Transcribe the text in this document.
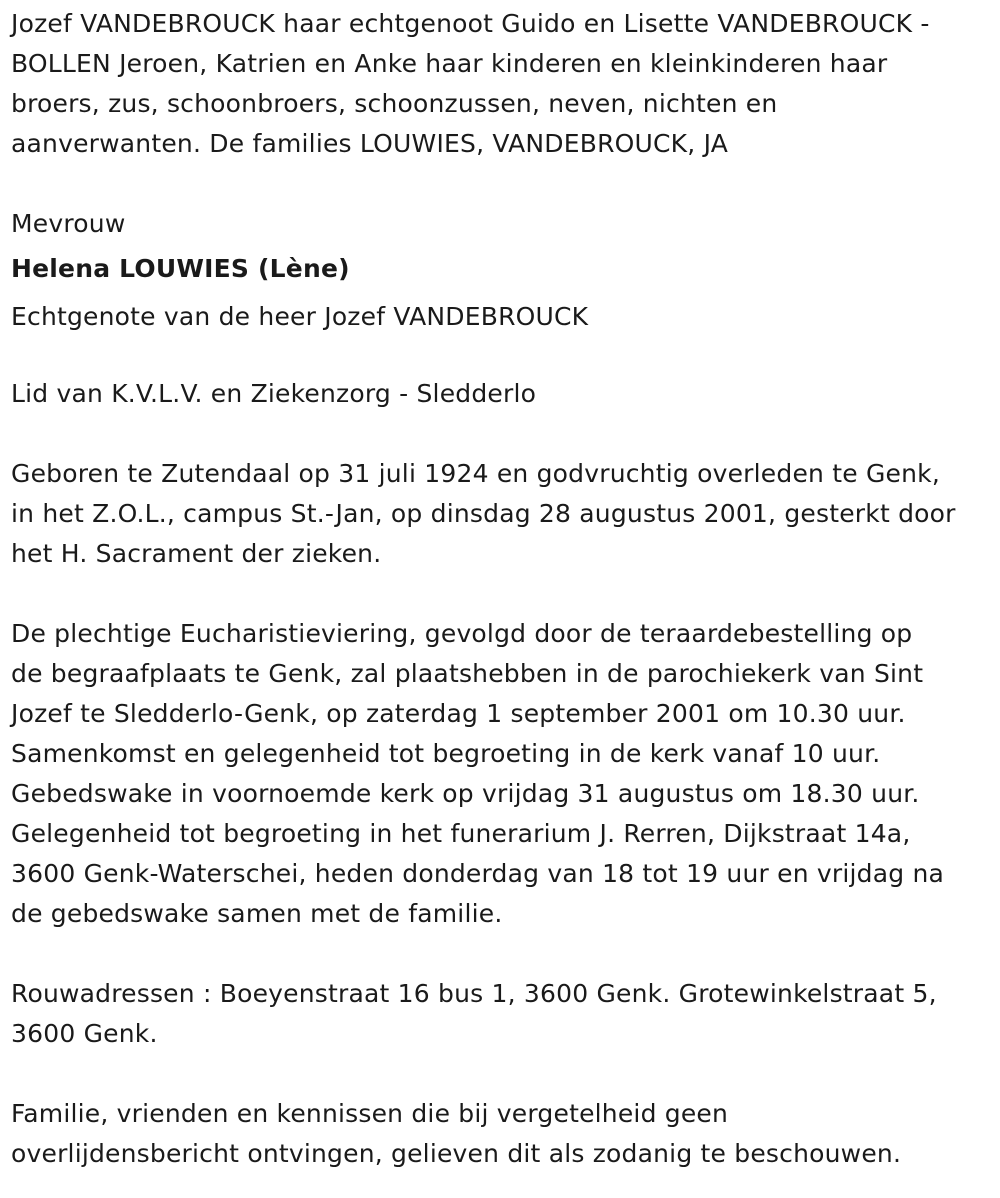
Jozef VANDEBROUCK haar echtgenoot Guido en Lisette VANDEBROUCK -

BOLLEN Jeroen, Katrien en Anke haar kinderen en kleinkinderen haar

broers, zus, schoonbroers, schoonzussen, neven, nichten en

aanverwanten. De families LOUWIES, VANDEBROUCK, JA

Mevrouw

Helena LOUWIES (Lène)

Echtgenote van de heer Jozef VANDEBROUCK

Lid van K.V.L.V. en Ziekenzorg - Sledderlo

Geboren te Zutendaal op 31 juli 1924 en godvruchtig overleden te Genk,

in het Z.O.L., campus St.-Jan, op dinsdag 28 augustus 2001, gesterkt door

het H. Sacrament der zieken.

De plechtige Eucharistieviering, gevolgd door de teraardebestelling op

de begraafplaats te Genk, zal plaatshebben in de parochiekerk van Sint

Jozef te Sledderlo-Genk, op zaterdag 1 september 2001 om 10.30 uur.

Samenkomst en gelegenheid tot begroeting in de kerk vanaf 10 uur.

Gebedswake in voornoemde kerk op vrijdag 31 augustus om 18.30 uur.

Gelegenheid tot begroeting in het funerarium J. Rerren, Dijkstraat 14a,

3600 Genk-Waterschei, heden donderdag van 18 tot 19 uur en vrijdag na

de gebedswake samen met de familie.

Rouwadressen : Boeyenstraat 16 bus 1, 3600 Genk. Grotewinkelstraat 5,

3600 Genk.

Familie, vrienden en kennissen die bij vergetelheid geen

overlijdensbericht ontvingen, gelieven dit als zodanig te beschouwen.
